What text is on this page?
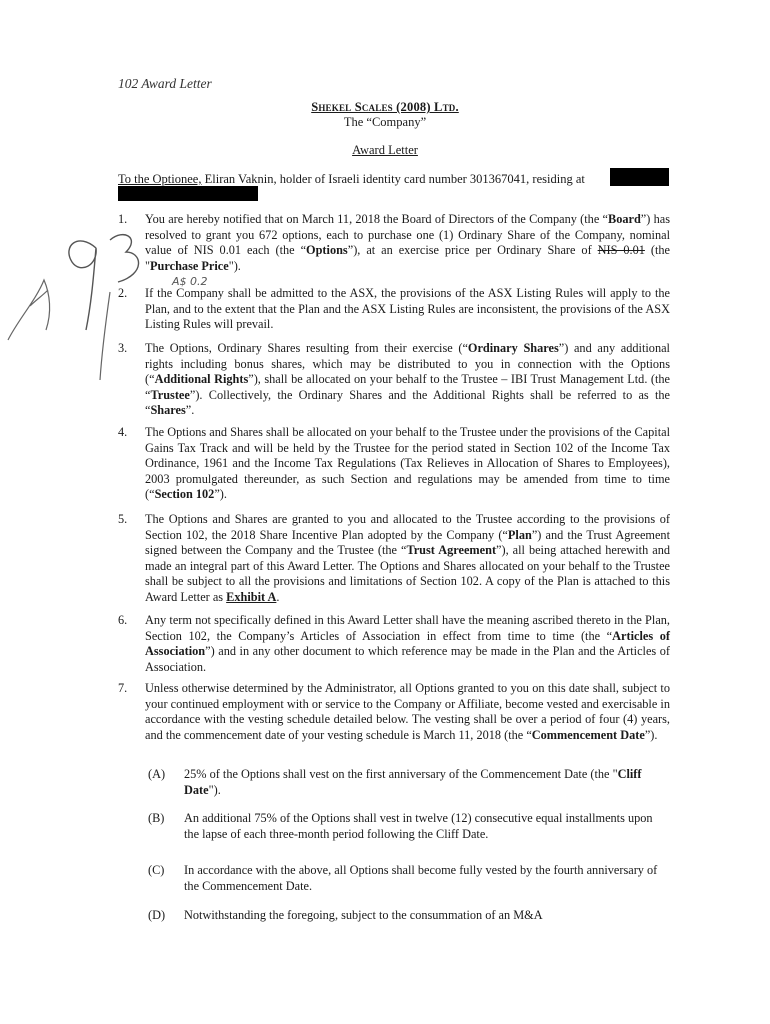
102 Award Letter
Shekel Scales (2008) Ltd.
The “Company”
Award Letter
To the Optionee, Eliran Vaknin, holder of Israeli identity card number 301367041, residing at
1.	You are hereby notified that on March 11, 2018 the Board of Directors of the Company (the “Board”) has resolved to grant you 672 options, each to purchase one (1) Ordinary Share of the Company, nominal value of NIS 0.01 each (the “Options”), at an exercise price per Ordinary Share of NIS 0.01 (the "Purchase Price").
A$ 0.2
2.	If the Company shall be admitted to the ASX, the provisions of the ASX Listing Rules will apply to the Plan, and to the extent that the Plan and the ASX Listing Rules are inconsistent, the provisions of the ASX Listing Rules will prevail.
3.	The Options, Ordinary Shares resulting from their exercise (“Ordinary Shares”) and any additional rights including bonus shares, which may be distributed to you in connection with the Options (“Additional Rights”), shall be allocated on your behalf to the Trustee – IBI Trust Management Ltd. (the “Trustee”). Collectively, the Ordinary Shares and the Additional Rights shall be referred to as the “Shares”.
4.	The Options and Shares shall be allocated on your behalf to the Trustee under the provisions of the Capital Gains Tax Track and will be held by the Trustee for the period stated in Section 102 of the Income Tax Ordinance, 1961 and the Income Tax Regulations (Tax Relieves in Allocation of Shares to Employees), 2003 promulgated thereunder, as such Section and regulations may be amended from time to time (“Section 102”).
5.	The Options and Shares are granted to you and allocated to the Trustee according to the provisions of Section 102, the 2018 Share Incentive Plan adopted by the Company (“Plan”) and the Trust Agreement signed between the Company and the Trustee (the “Trust Agreement”), all being attached herewith and made an integral part of this Award Letter. The Options and Shares allocated on your behalf to the Trustee shall be subject to all the provisions and limitations of Section 102. A copy of the Plan is attached to this Award Letter as Exhibit A.
6.	Any term not specifically defined in this Award Letter shall have the meaning ascribed thereto in the Plan, Section 102, the Company’s Articles of Association in effect from time to time (the “Articles of Association”) and in any other document to which reference may be made in the Plan and the Articles of Association.
7.	Unless otherwise determined by the Administrator, all Options granted to you on this date shall, subject to your continued employment with or service to the Company or Affiliate, become vested and exercisable in accordance with the vesting schedule detailed below. The vesting shall be over a period of four (4) years, and the commencement date of your vesting schedule is March 11, 2018 (the “Commencement Date”).
(A)	25% of the Options shall vest on the first anniversary of the Commencement Date (the "Cliff Date").
(B)	An additional 75% of the Options shall vest in twelve (12) consecutive equal installments upon the lapse of each three-month period following the Cliff Date.
(C)	In accordance with the above, all Options shall become fully vested by the fourth anniversary of the Commencement Date.
(D)	Notwithstanding the foregoing, subject to the consummation of an M&A
